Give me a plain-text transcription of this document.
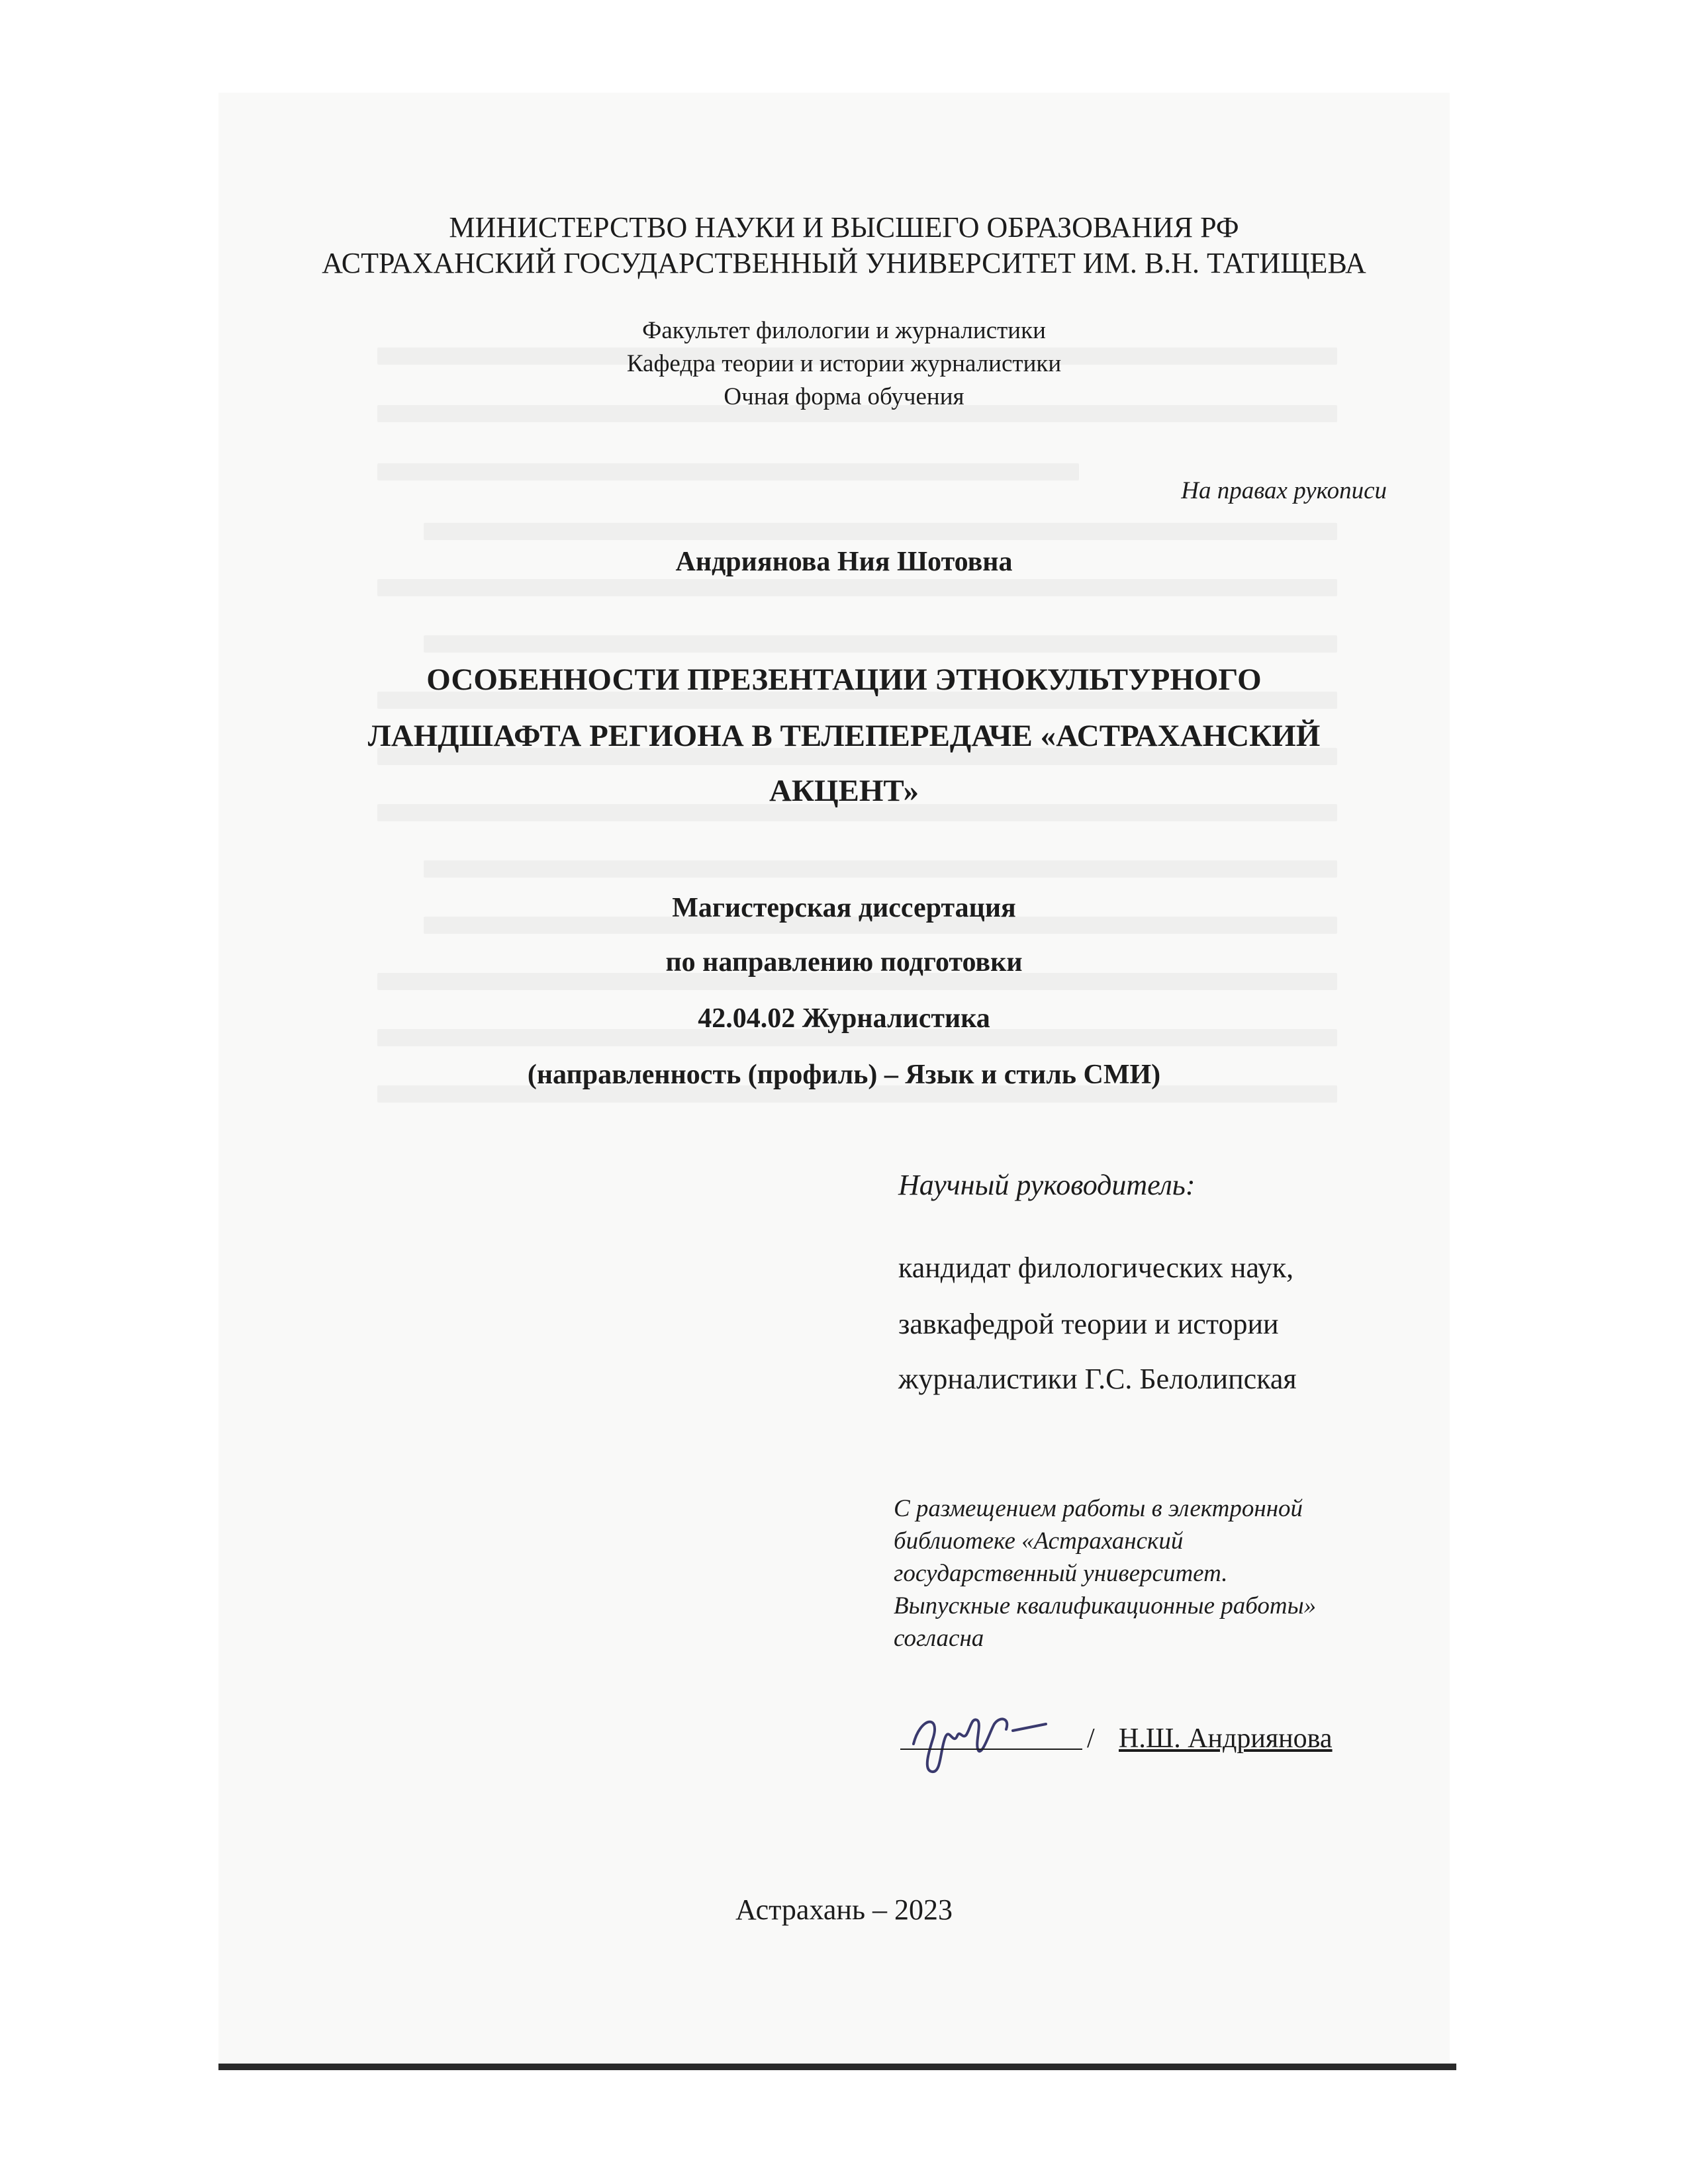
МИНИСТЕРСТВО НАУКИ И ВЫСШЕГО ОБРАЗОВАНИЯ РФ
АСТРАХАНСКИЙ ГОСУДАРСТВЕННЫЙ УНИВЕРСИТЕТ ИМ. В.Н. ТАТИЩЕВА
Факультет филологии и журналистики
Кафедра теории и истории журналистики
Очная форма обучения
На правах рукописи
Андриянова Ния Шотовна
ОСОБЕННОСТИ ПРЕЗЕНТАЦИИ ЭТНОКУЛЬТУРНОГО
ЛАНДШАФТА РЕГИОНА В ТЕЛЕПЕРЕДАЧЕ «АСТРАХАНСКИЙ
АКЦЕНТ»
Магистерская диссертация
по направлению подготовки
42.04.02 Журналистика
(направленность (профиль) – Язык и стиль СМИ)
Научный руководитель:
кандидат филологических наук,
завкафедрой теории и истории
журналистики Г.С. Белолипская
С размещением работы в электронной
библиотеке «Астраханский
государственный университет.
Выпускные квалификационные работы»
согласна
/ Н.Ш. Андриянова
Астрахань – 2023
